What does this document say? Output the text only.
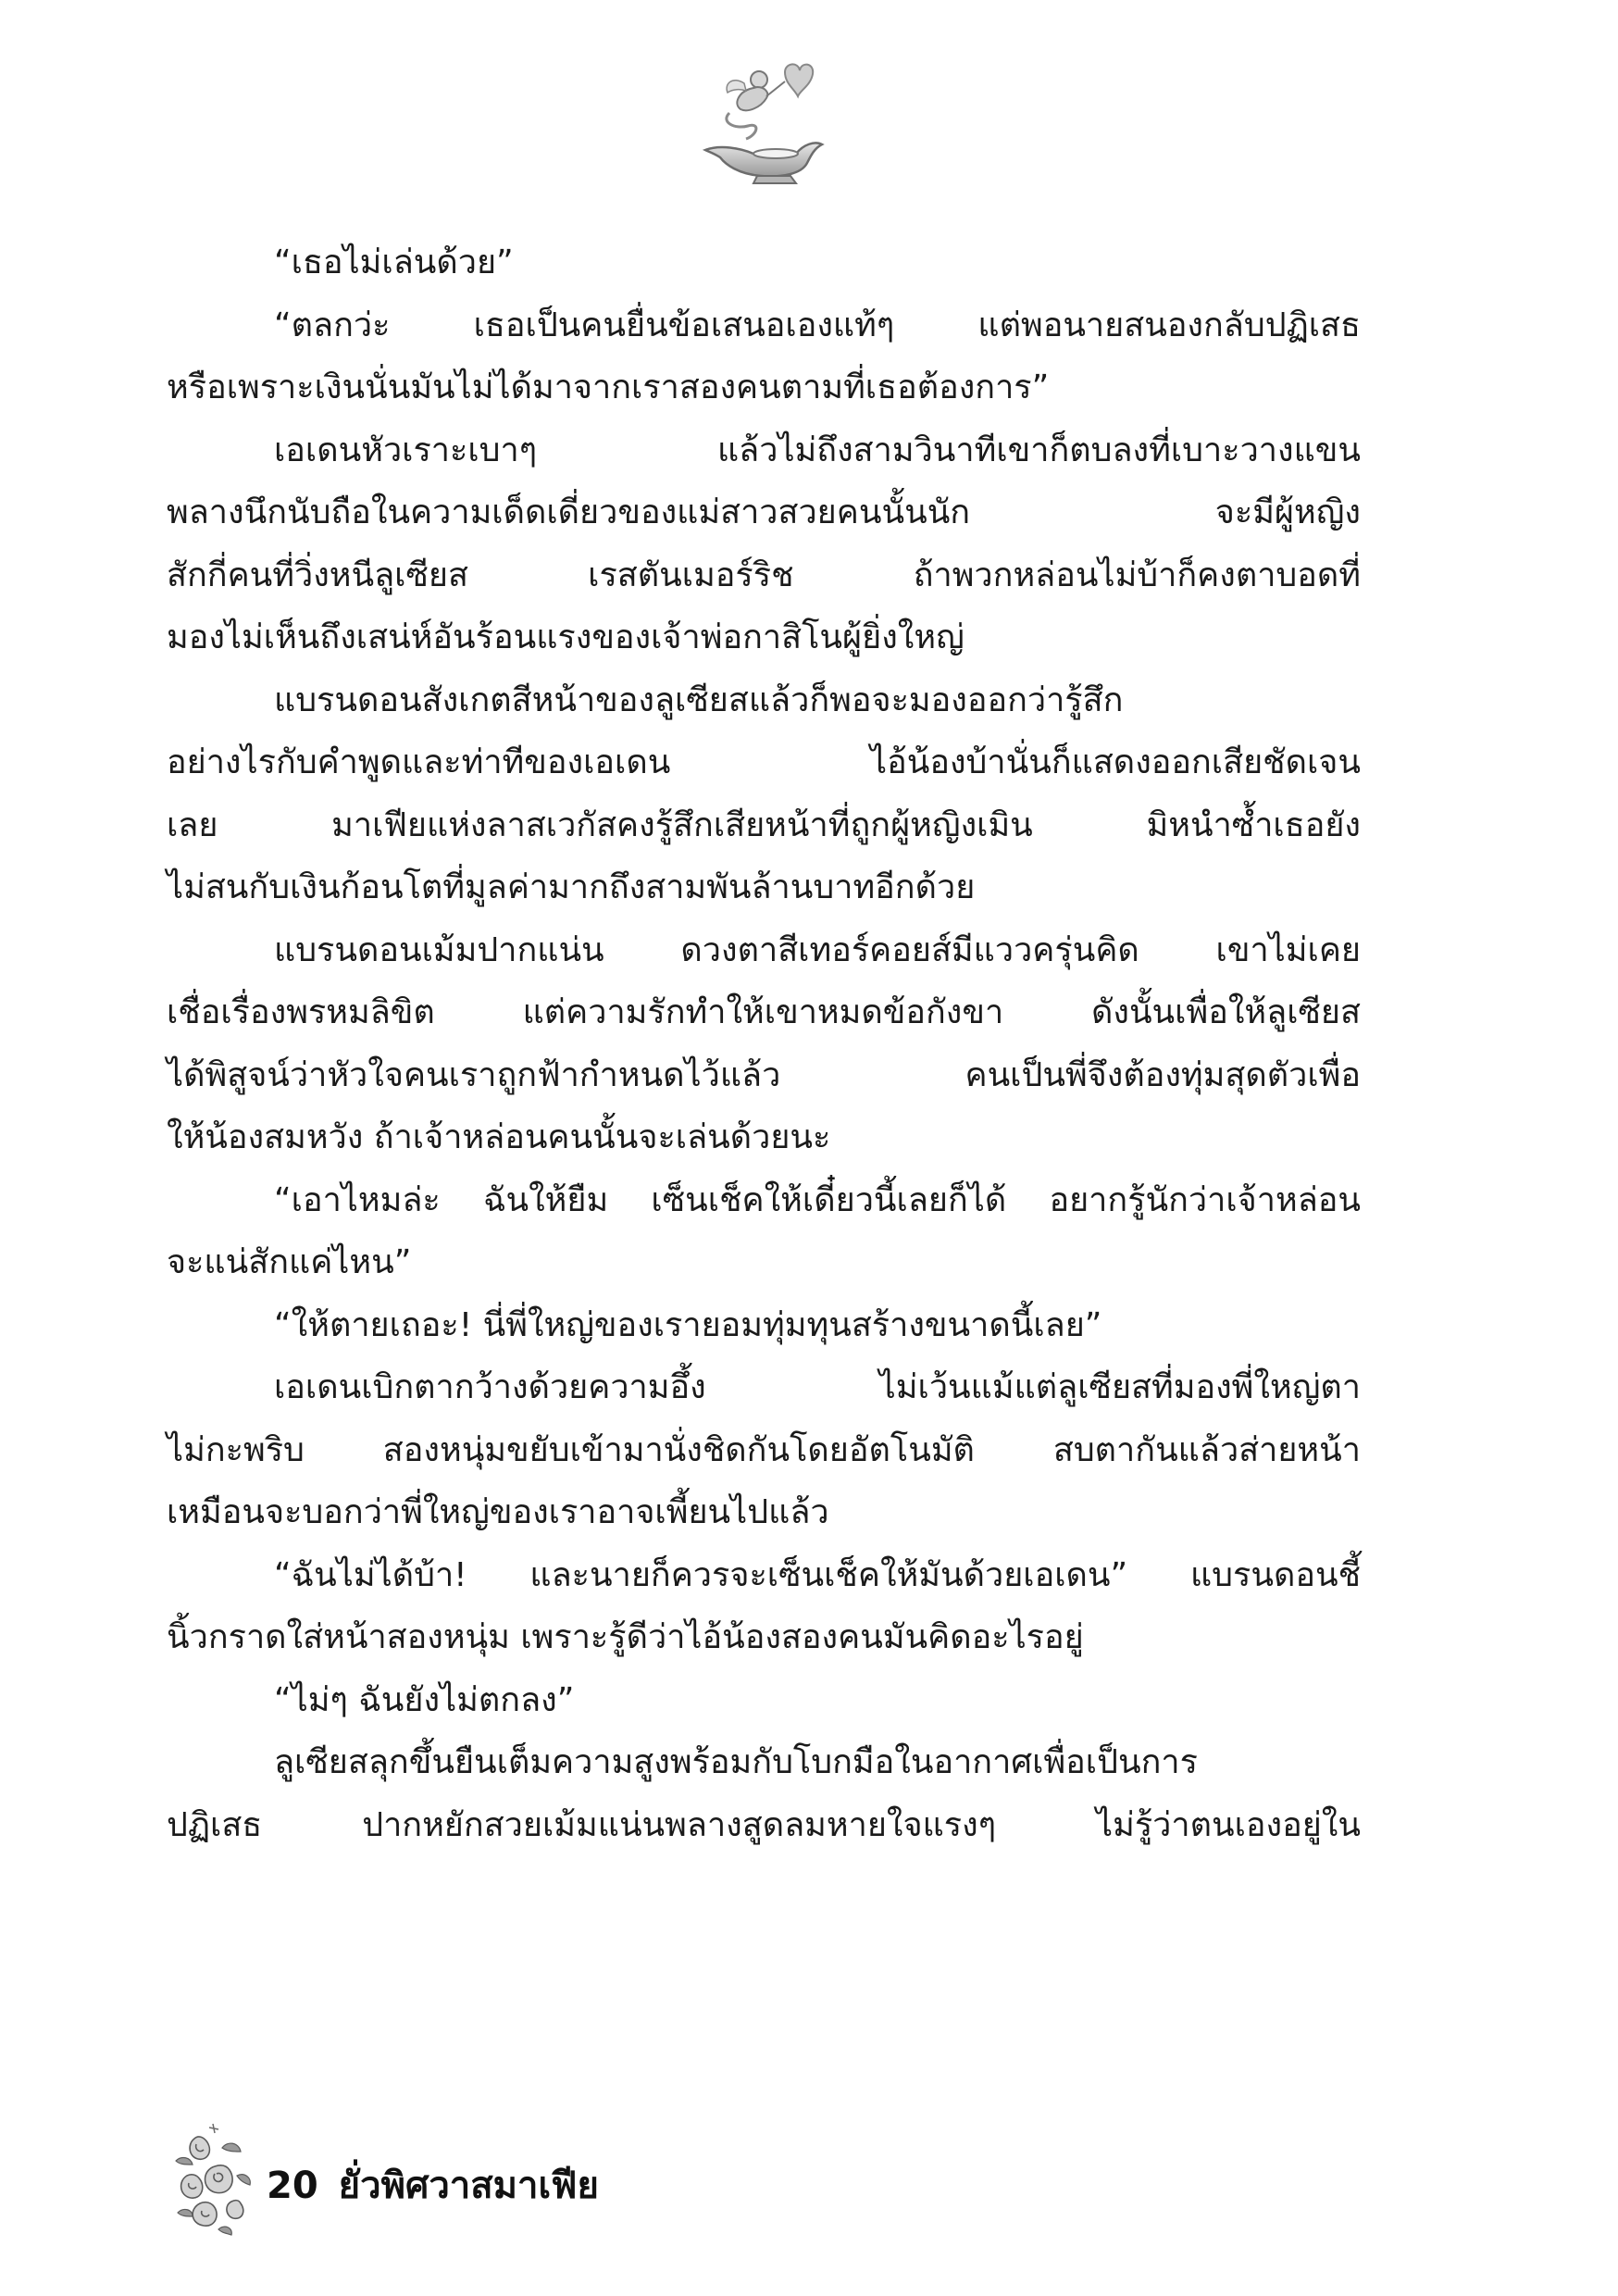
“เธอไม่เล่นด้วย”
“ตลกว่ะ เธอเป็นคนยื่นข้อเสนอเองแท้ๆ แต่พอนายสนองกลับปฏิเสธ
หรือเพราะเงินนั่นมันไม่ได้มาจากเราสองคนตามที่เธอต้องการ”
เอเดนหัวเราะเบาๆ แล้วไม่ถึงสามวินาทีเขาก็ตบลงที่เบาะวางแขน
พลางนึกนับถือในความเด็ดเดี่ยวของแม่สาวสวยคนนั้นนัก จะมีผู้หญิง
สักกี่คนที่วิ่งหนีลูเซียส เรสตันเมอร์ริช ถ้าพวกหล่อนไม่บ้าก็คงตาบอดที่
มองไม่เห็นถึงเสน่ห์อันร้อนแรงของเจ้าพ่อกาสิโนผู้ยิ่งใหญ่
แบรนดอนสังเกตสีหน้าของลูเซียสแล้วก็พอจะมองออกว่ารู้สึก
อย่างไรกับคำพูดและท่าทีของเอเดน ไอ้น้องบ้านั่นก็แสดงออกเสียชัดเจน
เลย มาเฟียแห่งลาสเวกัสคงรู้สึกเสียหน้าที่ถูกผู้หญิงเมิน มิหนำซ้ำเธอยัง
ไม่สนกับเงินก้อนโตที่มูลค่ามากถึงสามพันล้านบาทอีกด้วย
แบรนดอนเม้มปากแน่น ดวงตาสีเทอร์คอยส์มีแววครุ่นคิด เขาไม่เคย
เชื่อเรื่องพรหมลิขิต แต่ความรักทำให้เขาหมดข้อกังขา ดังนั้นเพื่อให้ลูเซียส
ได้พิสูจน์ว่าหัวใจคนเราถูกฟ้ากำหนดไว้แล้ว คนเป็นพี่จึงต้องทุ่มสุดตัวเพื่อ
ให้น้องสมหวัง ถ้าเจ้าหล่อนคนนั้นจะเล่นด้วยนะ
“เอาไหมล่ะ ฉันให้ยืม เซ็นเช็คให้เดี๋ยวนี้เลยก็ได้ อยากรู้นักว่าเจ้าหล่อน
จะแน่สักแค่ไหน”
“ให้ตายเถอะ! นี่พี่ใหญ่ของเรายอมทุ่มทุนสร้างขนาดนี้เลย”
เอเดนเบิกตากว้างด้วยความอึ้ง ไม่เว้นแม้แต่ลูเซียสที่มองพี่ใหญ่ตา
ไม่กะพริบ สองหนุ่มขยับเข้ามานั่งชิดกันโดยอัตโนมัติ สบตากันแล้วส่ายหน้า
เหมือนจะบอกว่าพี่ใหญ่ของเราอาจเพี้ยนไปแล้ว
“ฉันไม่ได้บ้า! และนายก็ควรจะเซ็นเช็คให้มันด้วยเอเดน” แบรนดอนชี้
นิ้วกราดใส่หน้าสองหนุ่ม เพราะรู้ดีว่าไอ้น้องสองคนมันคิดอะไรอยู่
“ไม่ๆ ฉันยังไม่ตกลง”
ลูเซียสลุกขึ้นยืนเต็มความสูงพร้อมกับโบกมือในอากาศเพื่อเป็นการ
ปฏิเสธ ปากหยักสวยเม้มแน่นพลางสูดลมหายใจแรงๆ ไม่รู้ว่าตนเองอยู่ใน
20 ยั่วพิศวาสมาเฟีย
